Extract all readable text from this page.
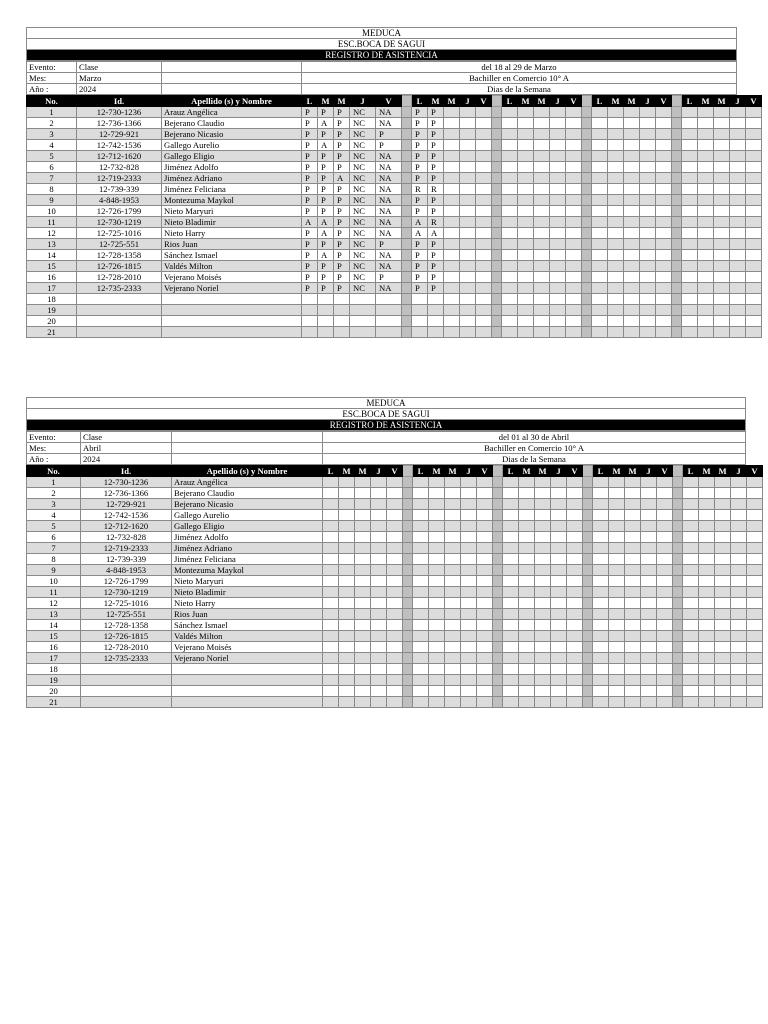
MEDUCA
ESC.BOCA DE SAGUI
REGISTRO DE ASISTENCIA
Evento:	Clase		del 18 al 29 de Marzo
Mes:	Marzo		Bachiller en Comercio 10° A
Año :	2024		Dias de la Semana
No.	Id.	Apellido (s) y Nombre	L	M	M	J	V		L	M	M	J	V		L	M	M	J	V		L	M	M	J	V		L	M	M	J	V
1	12-730-1236	Arauz Angélica	P	P	P	NC	NA		P	P																					
2	12-736-1366	Bejerano Claudio	P	A	P	NC	NA		P	P																					
3	12-729-921	Bejerano Nicasio	P	P	P	NC	P		P	P																					
4	12-742-1536	Gallego Aurelio	P	A	P	NC	P		P	P																					
5	12-712-1620	Gallego Eligio	P	P	P	NC	NA		P	P																					
6	12-732-828	Jiménez Adolfo	P	P	P	NC	NA		P	P																					
7	12-719-2333	Jiménez Adriano	P	P	A	NC	NA		P	P																					
8	12-739-339	Jiménez Feliciana	P	P	P	NC	NA		R	R																					
9	4-848-1953	Montezuma Maykol	P	P	P	NC	NA		P	P																					
10	12-726-1799	Nieto Maryuri	P	P	P	NC	NA		P	P																					
11	12-730-1219	Nieto Bladimir	A	A	P	NC	NA		A	R																					
12	12-725-1016	Nieto Harry	P	A	P	NC	NA		A	A																					
13	12-725-551	Rios Juan	P	P	P	NC	P		P	P																					
14	12-728-1358	Sánchez Ismael	P	A	P	NC	NA		P	P																					
15	12-726-1815	Valdés Milton	P	P	P	NC	NA		P	P																					
16	12-728-2010	Vejerano Moisés	P	P	P	NC	P		P	P																					
17	12-735-2333	Vejerano Noriel	P	P	P	NC	NA		P	P																					
18																															
19																															
20																															
21																															
MEDUCA
ESC.BOCA DE SAGUI
REGISTRO DE ASISTENCIA
Evento:	Clase		del 01 al 30 de Abril
Mes:	Abril		Bachiller en Comercio 10° A
Año :	2024		Dias de la Semana
No.	Id.	Apellido (s) y Nombre	L	M	M	J	V		L	M	M	J	V		L	M	M	J	V		L	M	M	J	V		L	M	M	J	V
1	12-730-1236	Arauz Angélica																													
2	12-736-1366	Bejerano Claudio																													
3	12-729-921	Bejerano Nicasio																													
4	12-742-1536	Gallego Aurelio																													
5	12-712-1620	Gallego Eligio																													
6	12-732-828	Jiménez Adolfo																													
7	12-719-2333	Jiménez Adriano																													
8	12-739-339	Jiménez Feliciana																													
9	4-848-1953	Montezuma Maykol																													
10	12-726-1799	Nieto Maryuri																													
11	12-730-1219	Nieto Bladimir																													
12	12-725-1016	Nieto Harry																													
13	12-725-551	Rios Juan																													
14	12-728-1358	Sánchez Ismael																													
15	12-726-1815	Valdés Milton																													
16	12-728-2010	Vejerano Moisés																													
17	12-735-2333	Vejerano Noriel																													
18																															
19																															
20																															
21																															
